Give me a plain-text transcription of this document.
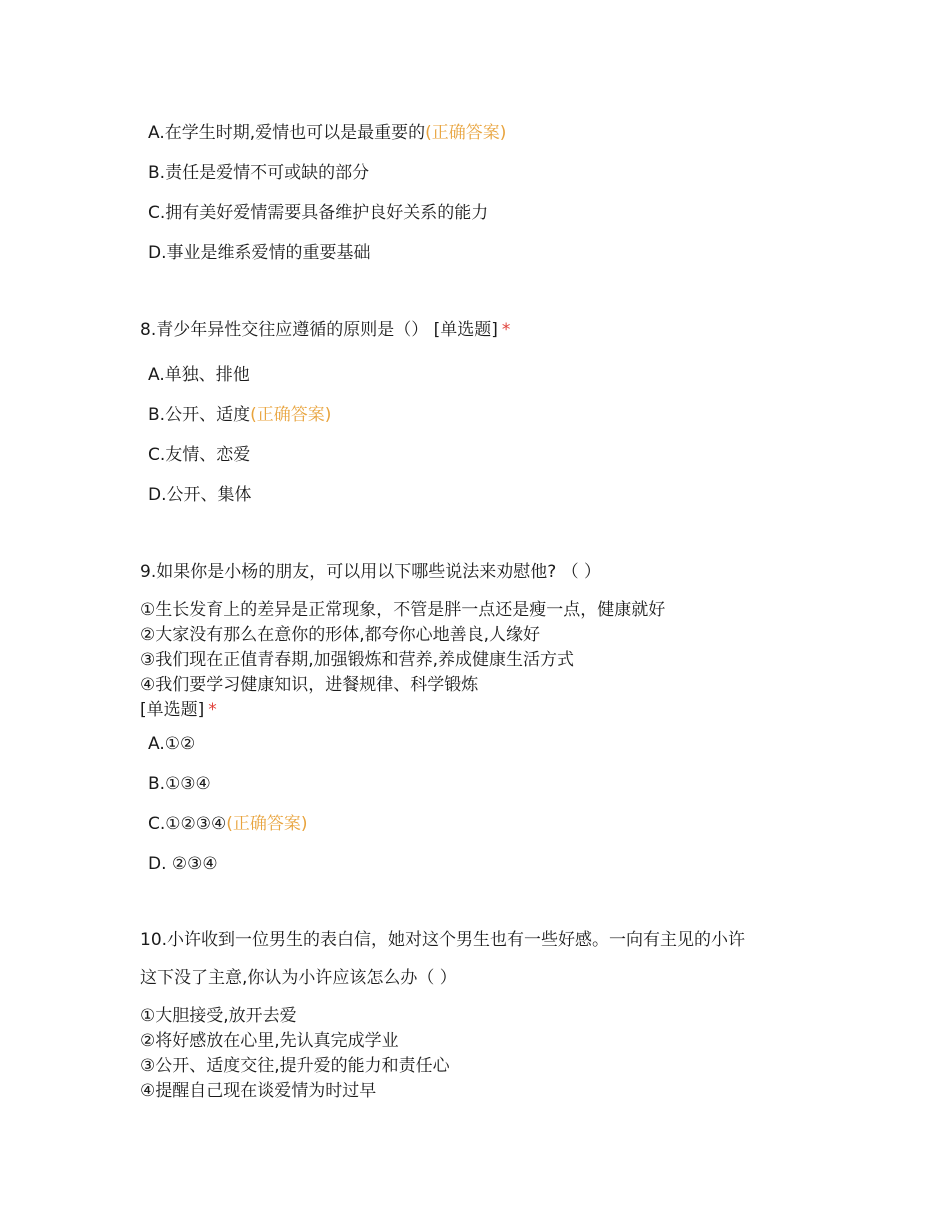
A.在学生时期,爱情也可以是最重要的(正确答案)
B.责任是爱情不可或缺的部分
C.拥有美好爱情需要具备维护良好关系的能力
D.事业是维系爱情的重要基础
8.青少年异性交往应遵循的原则是（） [单选题] *
A.单独、排他
B.公开、适度(正确答案)
C.友情、恋爱
D.公开、集体
9.如果你是小杨的朋友，可以用以下哪些说法来劝慰他? （ ）
①生长发育上的差异是正常现象，不管是胖一点还是瘦一点，健康就好
②大家没有那么在意你的形体,都夸你心地善良,人缘好
③我们现在正值青春期,加强锻炼和营养,养成健康生活方式
④我们要学习健康知识，进餐规律、科学锻炼
[单选题] *
A.①②
B.①③④
C.①②③④(正确答案)
D. ②③④
10.小许收到一位男生的表白信，她对这个男生也有一些好感。一向有主见的小许
这下没了主意,你认为小许应该怎么办（ ）
①大胆接受,放开去爱
②将好感放在心里,先认真完成学业
③公开、适度交往,提升爱的能力和责任心
④提醒自己现在谈爱情为时过早
